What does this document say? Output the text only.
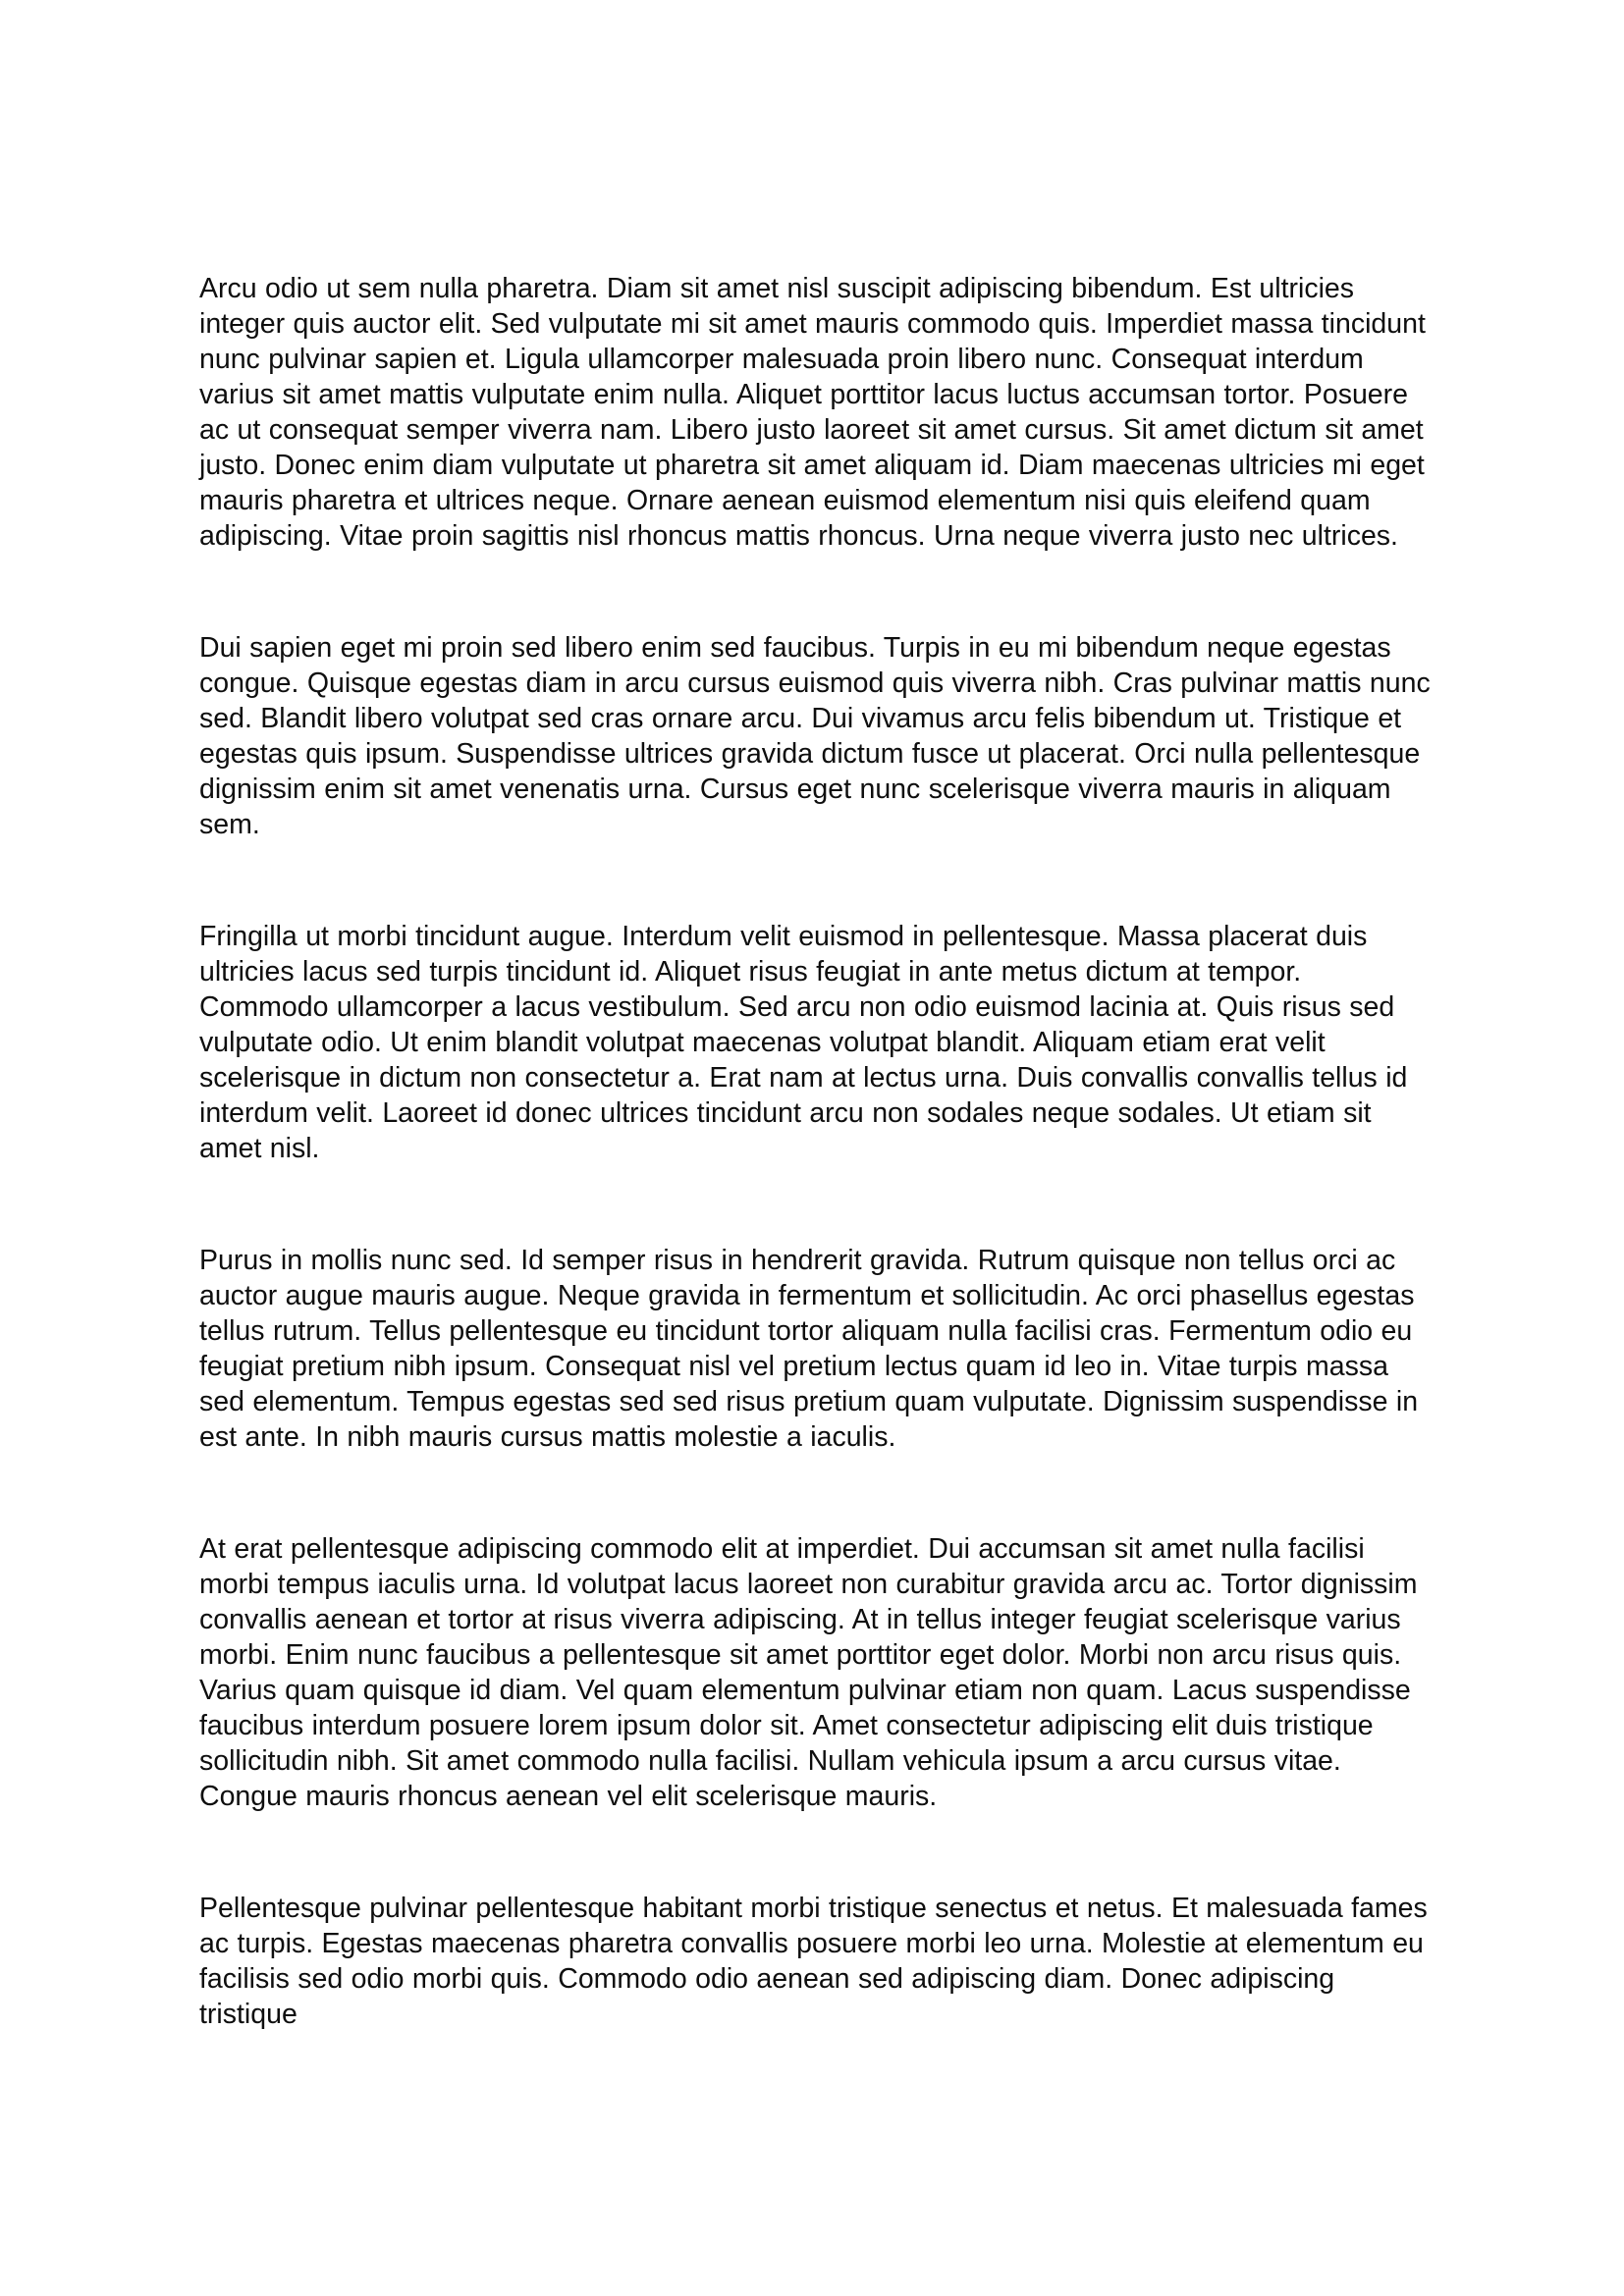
Arcu odio ut sem nulla pharetra. Diam sit amet nisl suscipit adipiscing bibendum. Est ultricies integer quis auctor elit. Sed vulputate mi sit amet mauris commodo quis. Imperdiet massa tincidunt nunc pulvinar sapien et. Ligula ullamcorper malesuada proin libero nunc. Consequat interdum varius sit amet mattis vulputate enim nulla. Aliquet porttitor lacus luctus accumsan tortor. Posuere ac ut consequat semper viverra nam. Libero justo laoreet sit amet cursus. Sit amet dictum sit amet justo. Donec enim diam vulputate ut pharetra sit amet aliquam id. Diam maecenas ultricies mi eget mauris pharetra et ultrices neque. Ornare aenean euismod elementum nisi quis eleifend quam adipiscing. Vitae proin sagittis nisl rhoncus mattis rhoncus. Urna neque viverra justo nec ultrices.

Dui sapien eget mi proin sed libero enim sed faucibus. Turpis in eu mi bibendum neque egestas congue. Quisque egestas diam in arcu cursus euismod quis viverra nibh. Cras pulvinar mattis nunc sed. Blandit libero volutpat sed cras ornare arcu. Dui vivamus arcu felis bibendum ut. Tristique et egestas quis ipsum. Suspendisse ultrices gravida dictum fusce ut placerat. Orci nulla pellentesque dignissim enim sit amet venenatis urna. Cursus eget nunc scelerisque viverra mauris in aliquam sem.

Fringilla ut morbi tincidunt augue. Interdum velit euismod in pellentesque. Massa placerat duis ultricies lacus sed turpis tincidunt id. Aliquet risus feugiat in ante metus dictum at tempor. Commodo ullamcorper a lacus vestibulum. Sed arcu non odio euismod lacinia at. Quis risus sed vulputate odio. Ut enim blandit volutpat maecenas volutpat blandit. Aliquam etiam erat velit scelerisque in dictum non consectetur a. Erat nam at lectus urna. Duis convallis convallis tellus id interdum velit. Laoreet id donec ultrices tincidunt arcu non sodales neque sodales. Ut etiam sit amet nisl.

Purus in mollis nunc sed. Id semper risus in hendrerit gravida. Rutrum quisque non tellus orci ac auctor augue mauris augue. Neque gravida in fermentum et sollicitudin. Ac orci phasellus egestas tellus rutrum. Tellus pellentesque eu tincidunt tortor aliquam nulla facilisi cras. Fermentum odio eu feugiat pretium nibh ipsum. Consequat nisl vel pretium lectus quam id leo in. Vitae turpis massa sed elementum. Tempus egestas sed sed risus pretium quam vulputate. Dignissim suspendisse in est ante. In nibh mauris cursus mattis molestie a iaculis.

At erat pellentesque adipiscing commodo elit at imperdiet. Dui accumsan sit amet nulla facilisi morbi tempus iaculis urna. Id volutpat lacus laoreet non curabitur gravida arcu ac. Tortor dignissim convallis aenean et tortor at risus viverra adipiscing. At in tellus integer feugiat scelerisque varius morbi. Enim nunc faucibus a pellentesque sit amet porttitor eget dolor. Morbi non arcu risus quis. Varius quam quisque id diam. Vel quam elementum pulvinar etiam non quam. Lacus suspendisse faucibus interdum posuere lorem ipsum dolor sit. Amet consectetur adipiscing elit duis tristique sollicitudin nibh. Sit amet commodo nulla facilisi. Nullam vehicula ipsum a arcu cursus vitae. Congue mauris rhoncus aenean vel elit scelerisque mauris.

Pellentesque pulvinar pellentesque habitant morbi tristique senectus et netus. Et malesuada fames ac turpis. Egestas maecenas pharetra convallis posuere morbi leo urna. Molestie at elementum eu facilisis sed odio morbi quis. Commodo odio aenean sed adipiscing diam. Donec adipiscing tristique
